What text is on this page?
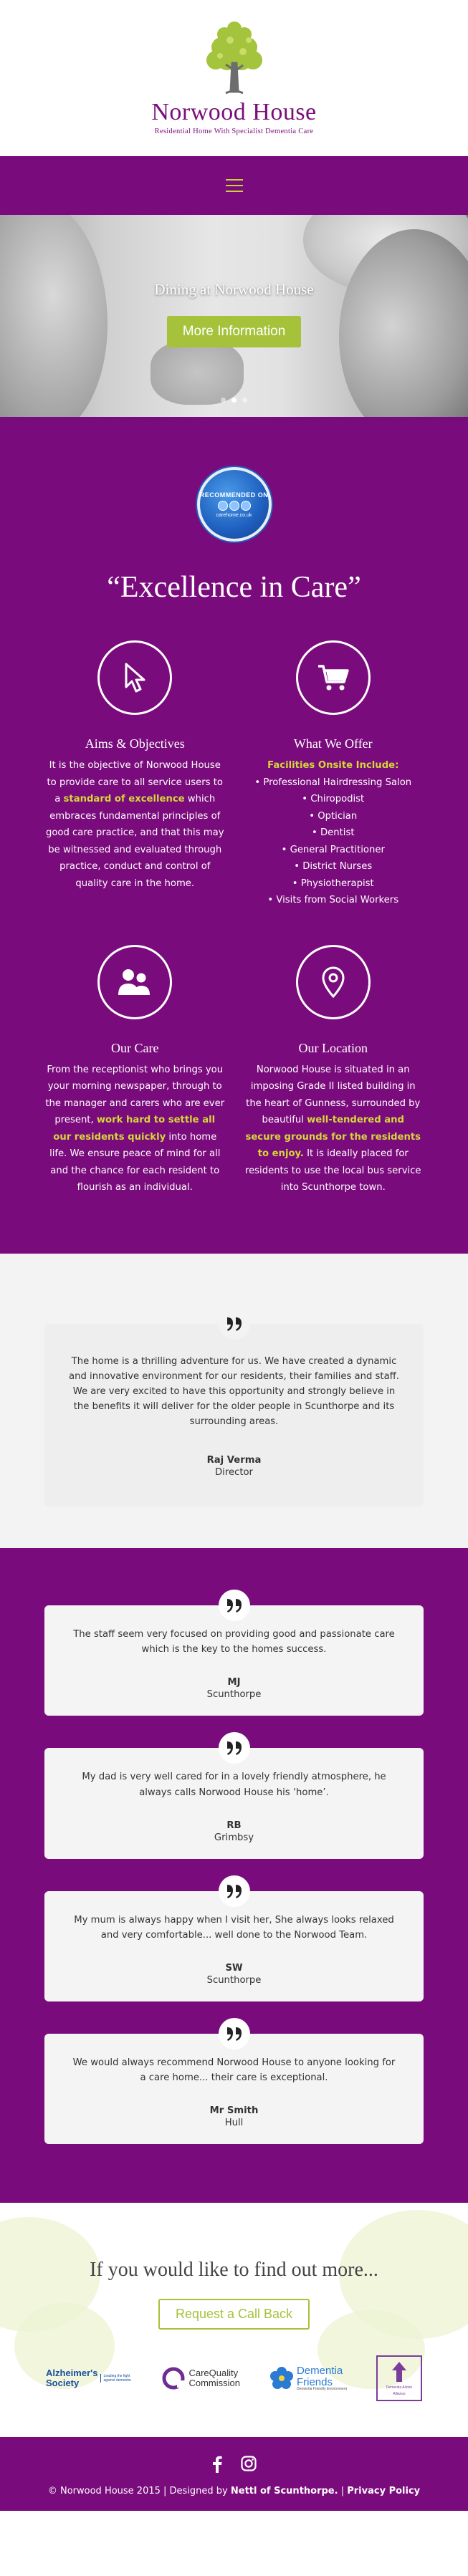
Norwood House
Residential Home With Specialist Dementia Care
Dining at Norwood House
More Information
RECOMMENDED ON
carehome.co.uk
“Excellence in Care”
Aims & Objectives

It is the objective of Norwood House to provide care to all service users to a standard of excellence which embraces fundamental principles of good care practice, and that this may be witnessed and evaluated through practice, conduct and control of quality care in the home.

What We Offer
Facilities Onsite Include:
• Professional Hairdressing Salon
• Chiropodist
• Optician
• Dentist
• General Practitioner
• District Nurses
• Physiotherapist
• Visits from Social Workers
Our Care

From the receptionist who brings you your morning newspaper, through to the manager and carers who are ever present, work hard to settle all our residents quickly into home life. We ensure peace of mind for all and the chance for each resident to flourish as an individual.

Our Location

Norwood House is situated in an imposing Grade II listed building in the heart of Gunness, surrounded by beautiful well-tendered and secure grounds for the residents to enjoy. It is ideally placed for residents to use the local bus service into Scunthorpe town.

The home is a thrilling adventure for us. We have created a dynamic and innovative environment for our residents, their families and staff. We are very excited to have this opportunity and strongly believe in the benefits it will deliver for the older people in Scunthorpe and its surrounding areas.
Raj Verma
Director
The staff seem very focused on providing good and passionate care which is the key to the homes success.
MJ
Scunthorpe
My dad is very well cared for in a lovely friendly atmosphere, he always calls Norwood House his ‘home’.
RB
Grimbsy
My mum is always happy when I visit her, She always looks relaxed and very comfortable... well done to the Norwood Team.
SW
Scunthorpe
We would always recommend Norwood House to anyone looking for a care home... their care is exceptional.
Mr Smith
Hull
If you would like to find out more...
Request a Call Back
Alzheimer's
Society
Leading the fight against dementia
CareQuality
Commission
Dementia
Friends
Dementia Friendly Environment	Dementia Action
Alliance
© Norwood House 2015 | Designed by Nettl of Scunthorpe. | Privacy Policy
